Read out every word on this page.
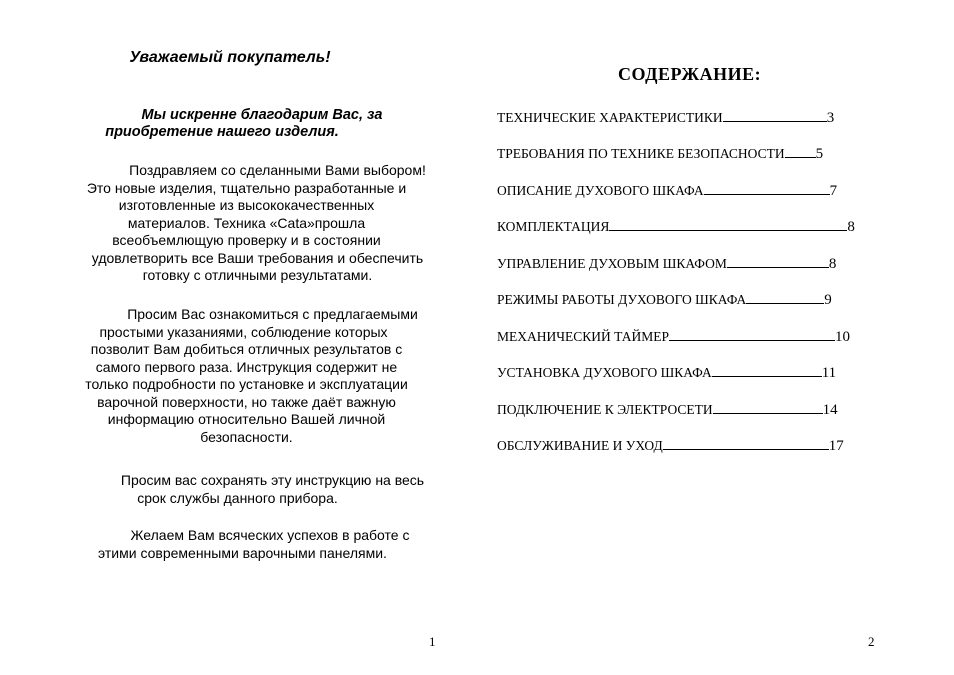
Уважаемый покупатель!
Мы искренне благодарим Вас, за
приобретение нашего изделия.
Поздравляем со сделанными Вами выбором!
Это новые изделия, тщательно разработанные и
изготовленные из высококачественных
материалов. Техника «Cata»прошла
всеобъемлющую проверку и в состоянии
удовлетворить все Ваши требования и обеспечить
готовку с отличными результатами.
Просим Вас ознакомиться с предлагаемыми
простыми указаниями, соблюдение которых
позволит Вам добиться отличных результатов с
самого первого раза. Инструкция содержит не
только подробности по установке и эксплуатации
варочной поверхности, но также даёт важную
информацию относительно Вашей личной
безопасности.
Просим вас сохранять эту инструкцию на весь
срок службы данного прибора.
Желаем Вам всяческих успехов в работе с
этими современными варочными панелями.
1
СОДЕРЖАНИЕ:
ТЕХНИЧЕСКИЕ ХАРАКТЕРИСТИКИ	3
ТРЕБОВАНИЯ ПО ТЕХНИКЕ БЕЗОПАСНОСТИ 5
ОПИСАНИЕ ДУХОВОГО ШКАФА	7
КОМПЛЕКТАЦИЯ	8
УПРАВЛЕНИЕ ДУХОВЫМ ШКАФОМ	8
РЕЖИМЫ РАБОТЫ ДУХОВОГО ШКАФА	9
МЕХАНИЧЕСКИЙ ТАЙМЕР	10
УСТАНОВКА ДУХОВОГО ШКАФА	11
ПОДКЛЮЧЕНИЕ К ЭЛЕКТРОСЕТИ	14
ОБСЛУЖИВАНИЕ И УХОД	17
2
